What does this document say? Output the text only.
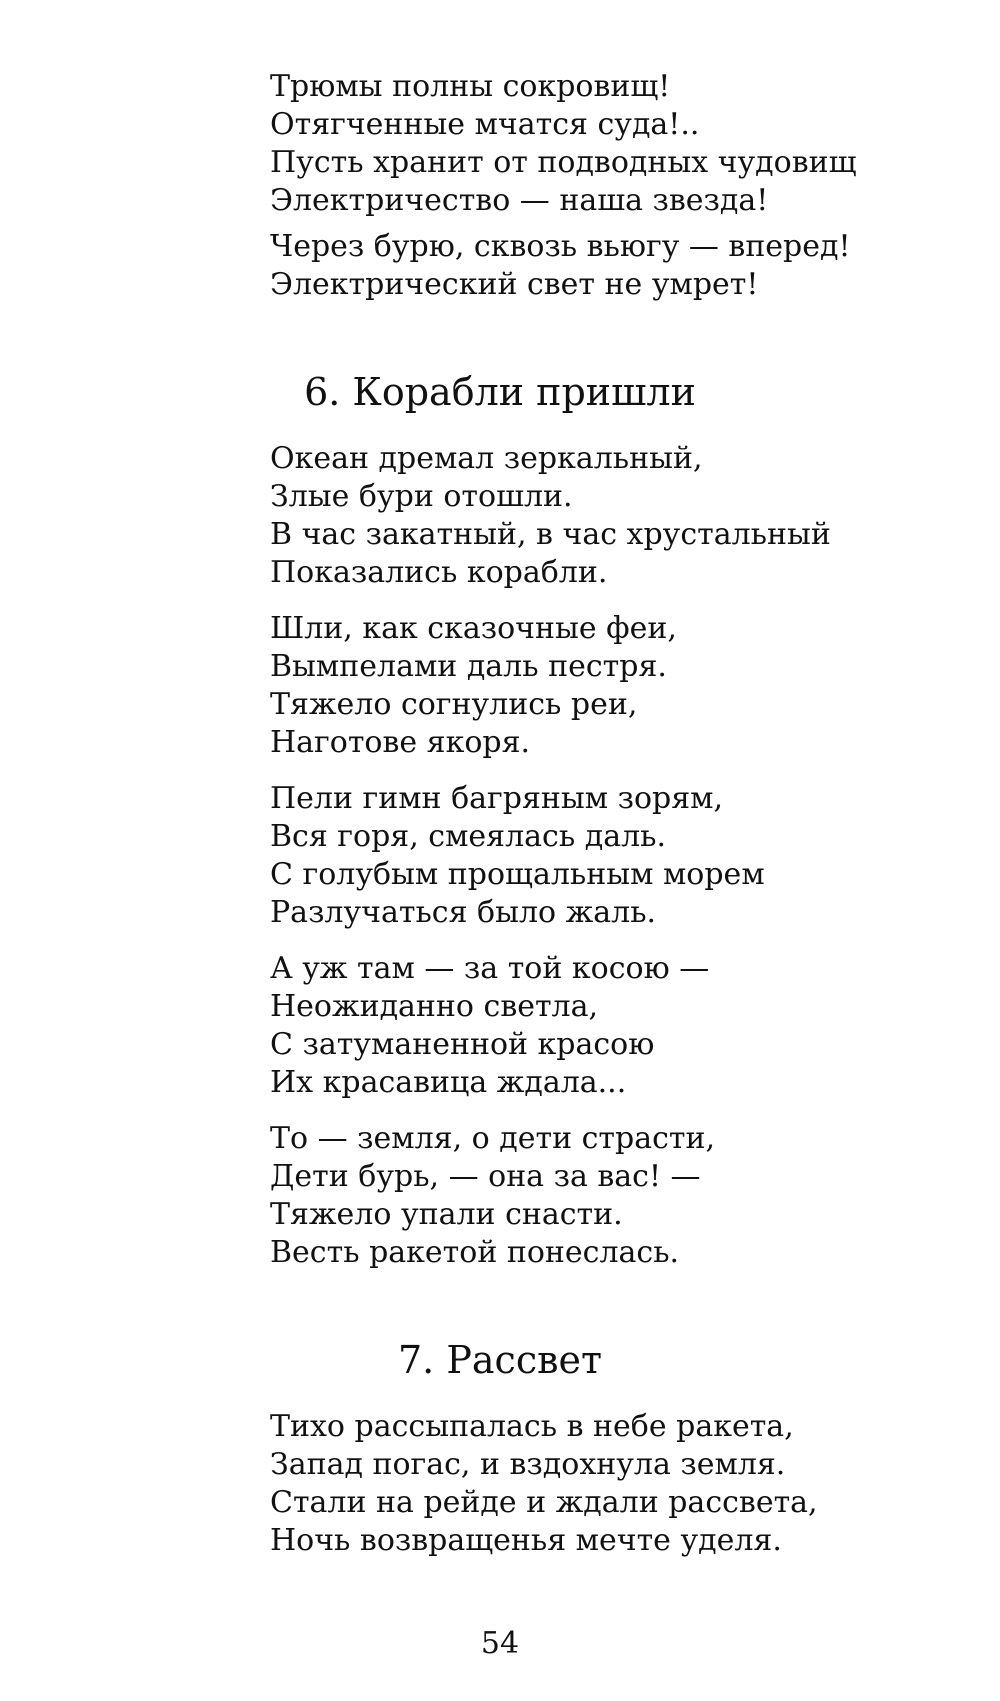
Трюмы полны сокровищ!
Отягченные мчатся суда!..
Пусть хранит от подводных чудовищ
Электричество — наша звезда!
Через бурю, сквозь вьюгу — вперед!
Электрический свет не умрет!
6. Корабли пришли
Океан дремал зеркальный,
Злые бури отошли.
В час закатный, в час хрустальный
Показались корабли.
Шли, как сказочные феи,
Вымпелами даль пестря.
Тяжело согнулись реи,
Наготове якоря.
Пели гимн багряным зорям,
Вся горя, смеялась даль.
С голубым прощальным морем
Разлучаться было жаль.
А уж там — за той косою —
Неожиданно светла,
С затуманенной красою
Их красавица ждала...
То — земля, о дети страсти,
Дети бурь, — она за вас! —
Тяжело упали снасти.
Весть ракетой понеслась.
7. Рассвет
Тихо рассыпалась в небе ракета,
Запад погас, и вздохнула земля.
Стали на рейде и ждали рассвета,
Ночь возвращенья мечте уделя.
54
